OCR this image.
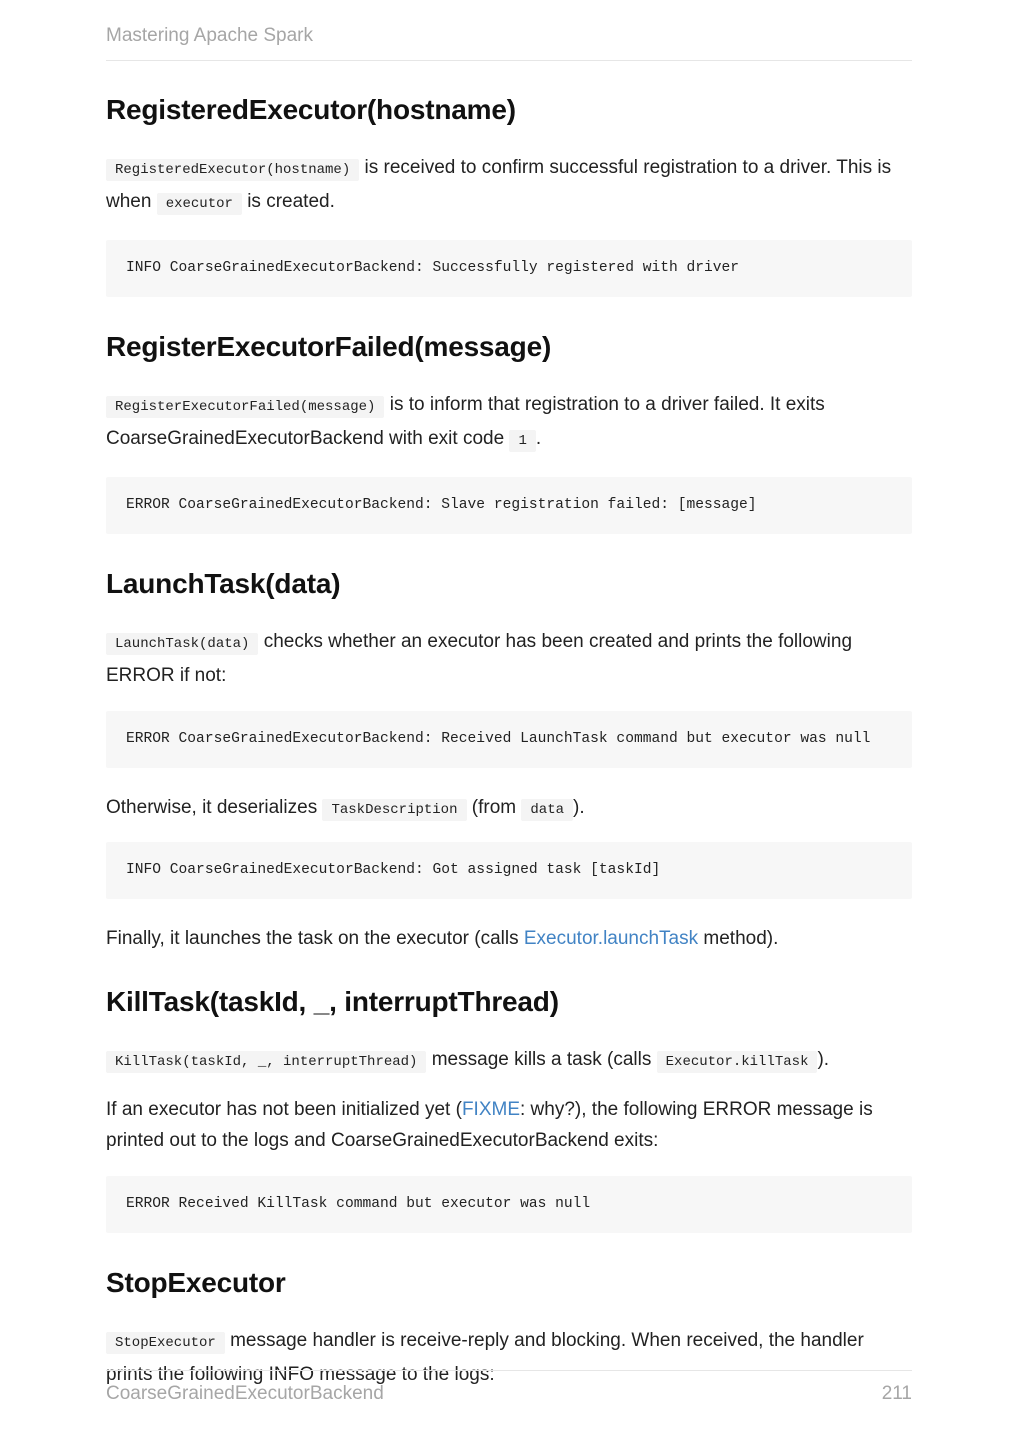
Mastering Apache Spark
RegisteredExecutor(hostname)

RegisteredExecutor(hostname) is received to confirm successful registration to a driver. This is when executor is created.

INFO CoarseGrainedExecutorBackend: Successfully registered with driver
RegisterExecutorFailed(message)

RegisterExecutorFailed(message) is to inform that registration to a driver failed. It exits CoarseGrainedExecutorBackend with exit code 1 .

ERROR CoarseGrainedExecutorBackend: Slave registration failed: [message]
LaunchTask(data)

LaunchTask(data) checks whether an executor has been created and prints the following ERROR if not:

ERROR CoarseGrainedExecutorBackend: Received LaunchTask command but executor was null

Otherwise, it deserializes TaskDescription (from data ).

INFO CoarseGrainedExecutorBackend: Got assigned task [taskId]

Finally, it launches the task on the executor (calls Executor.launchTask method).

KillTask(taskId, _, interruptThread)

KillTask(taskId, _, interruptThread) message kills a task (calls Executor.killTask ).

If an executor has not been initialized yet (FIXME: why?), the following ERROR message is printed out to the logs and CoarseGrainedExecutorBackend exits:

ERROR Received KillTask command but executor was null
StopExecutor

StopExecutor message handler is receive-reply and blocking. When received, the handler prints the following INFO message to the logs:

CoarseGrainedExecutorBackend	211
